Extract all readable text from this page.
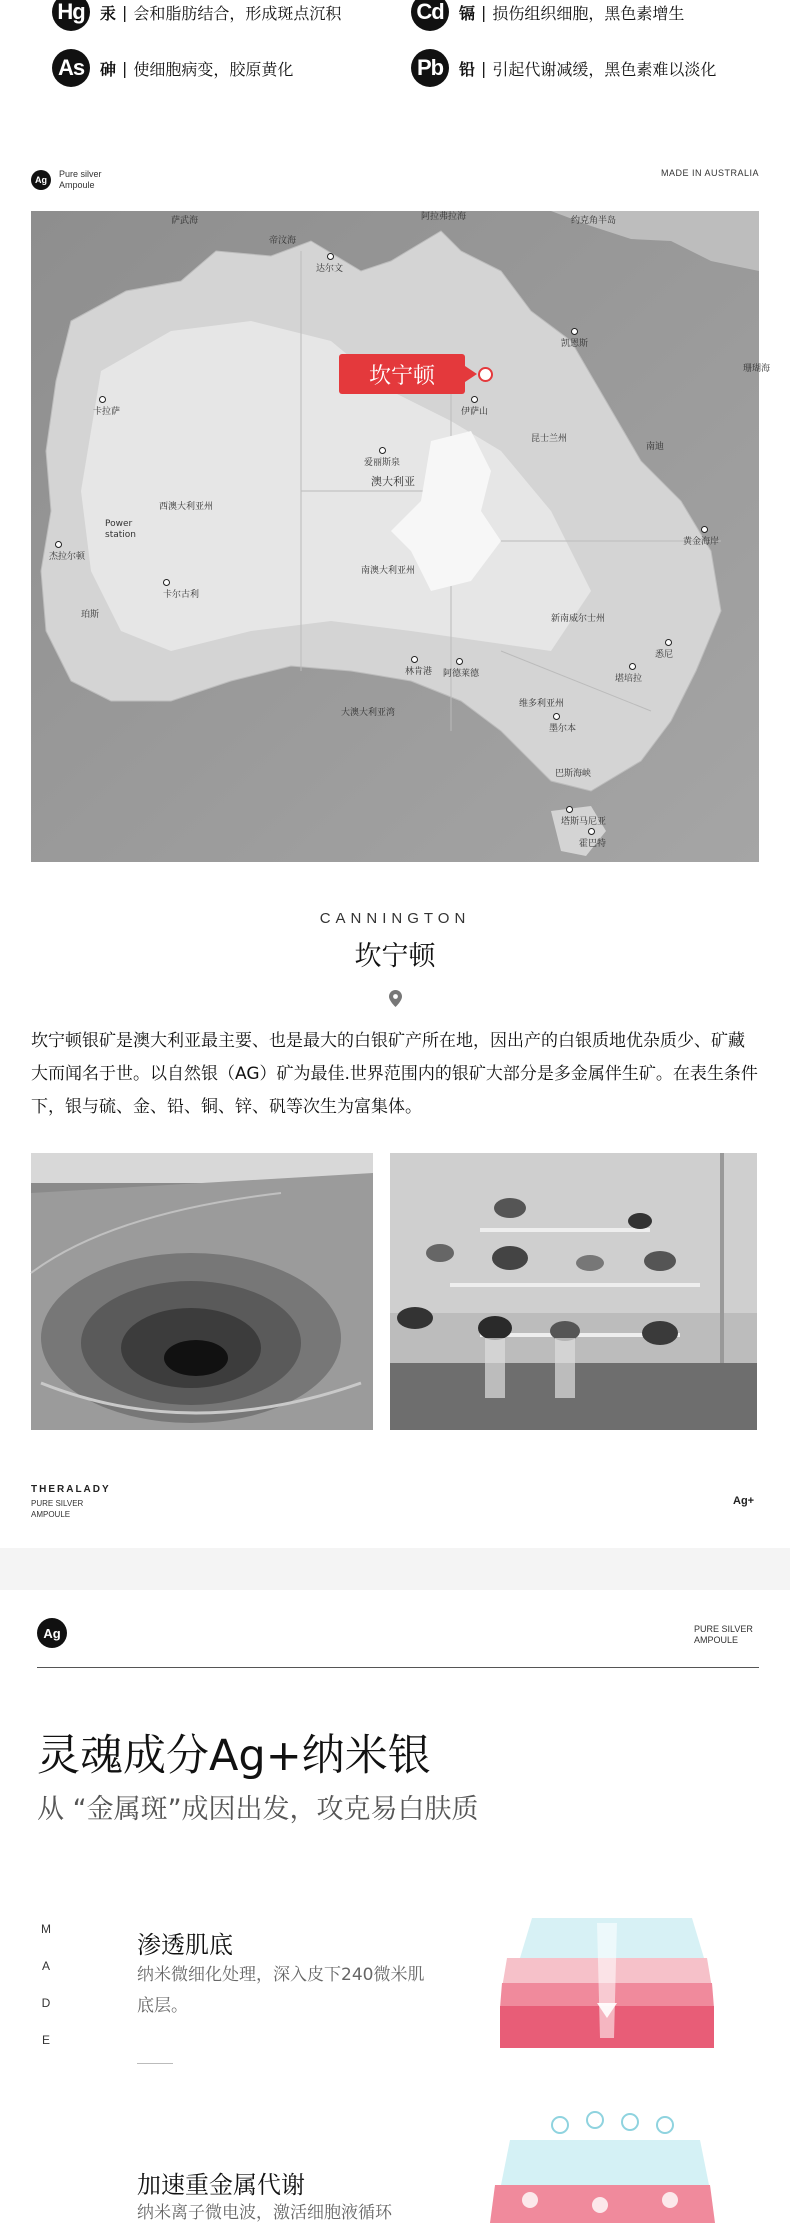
Hg 汞 | 会和脂肪结合，形成斑点沉积	Cd 镉 | 损伤组织细胞，黑色素增生
As 砷 | 使细胞病变，胶原黄化	Pb 铅 | 引起代谢减缓，黑色素难以淡化
Ag
Pure silver
Ampoule
MADE IN AUSTRALIA
坎宁顿
萨武海
帝汶海
阿拉弗拉海	约克角半岛
达尔文
凯恩斯
伊萨山
卡拉萨
爱丽斯泉
澳大利亚
昆士兰州
南迪
西澳大利亚州
Power
station
杰拉尔顿
卡尔古利
珀斯
南澳大利亚州
黄金海岸
新南威尔士州
悉尼
堪培拉
林肯港 阿德莱德
大澳大利亚湾
维多利亚州
墨尔本
巴斯海峡
塔斯马尼亚
霍巴特
珊瑚海
CANNINGTON
坎宁顿
坎宁顿银矿是澳大利亚最主要、也是最大的白银矿产所在地，因出产的白银质地优杂质少、矿藏大而闻名于世。以自然银（AG）矿为最佳.世界范围内的银矿大部分是多金属伴生矿。在表生条件下，银与硫、金、铅、铜、锌、矾等次生为富集体。
THERALADY
PURE SILVER
AMPOULE
Ag+
Ag	PURE SILVER
AMPOULE
灵魂成分Ag+纳米银
从 “金属斑”成因出发，攻克易白肤质
M
A
D
E
渗透肌底
纳米微细化处理，深入皮下240微米肌底层。
加速重金属代谢
纳米离子微电波，激活细胞液循环
